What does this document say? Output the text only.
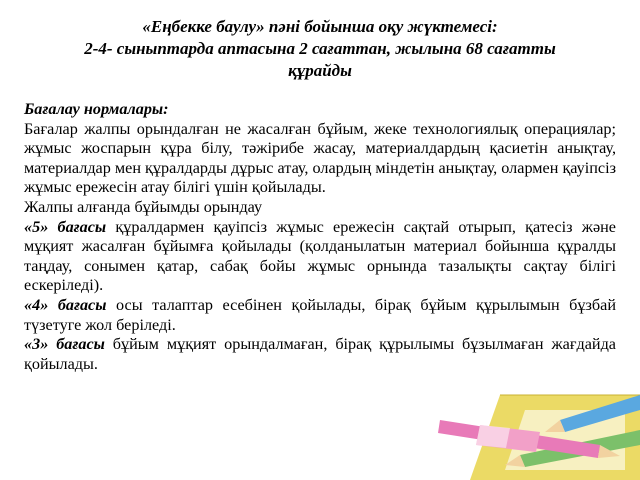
«Еңбекке баулу» пәні бойынша оқу жүктемесі:
2-4- сыныптарда аптасына 2 сағаттан, жылына 68 сағатты
құрайды

Бағалау нормалары:

Бағалар жалпы орындалған не жасалған бұйым, жеке технологиялық операциялар; жұмыс жоспарын құра білу, тәжірибе жасау, материалдардың қасиетін анықтау, материалдар мен құралдарды дұрыс атау, олардың міндетін анықтау, олармен қауіпсіз жұмыс ережесін атау білігі үшін қойылады.

Жалпы алғанда бұйымды орындау

«5» бағасы құралдармен қауіпсіз жұмыс ережесін сақтай отырып, қатесіз және мұқият жасалған бұйымға қойылады (қолданылатын материал бойынша құралды таңдау, сонымен қатар, сабақ бойы жұмыс орнында тазалықты сақтау білігі ескеріледі).

«4» бағасы осы талаптар есебінен қойылады, бірақ бұйым құрылымын бұзбай түзетуге жол беріледі.

«3» бағасы бұйым мұқият орындалмаған, бірақ құрылымы бұзылмаған жағдайда қойылады.
